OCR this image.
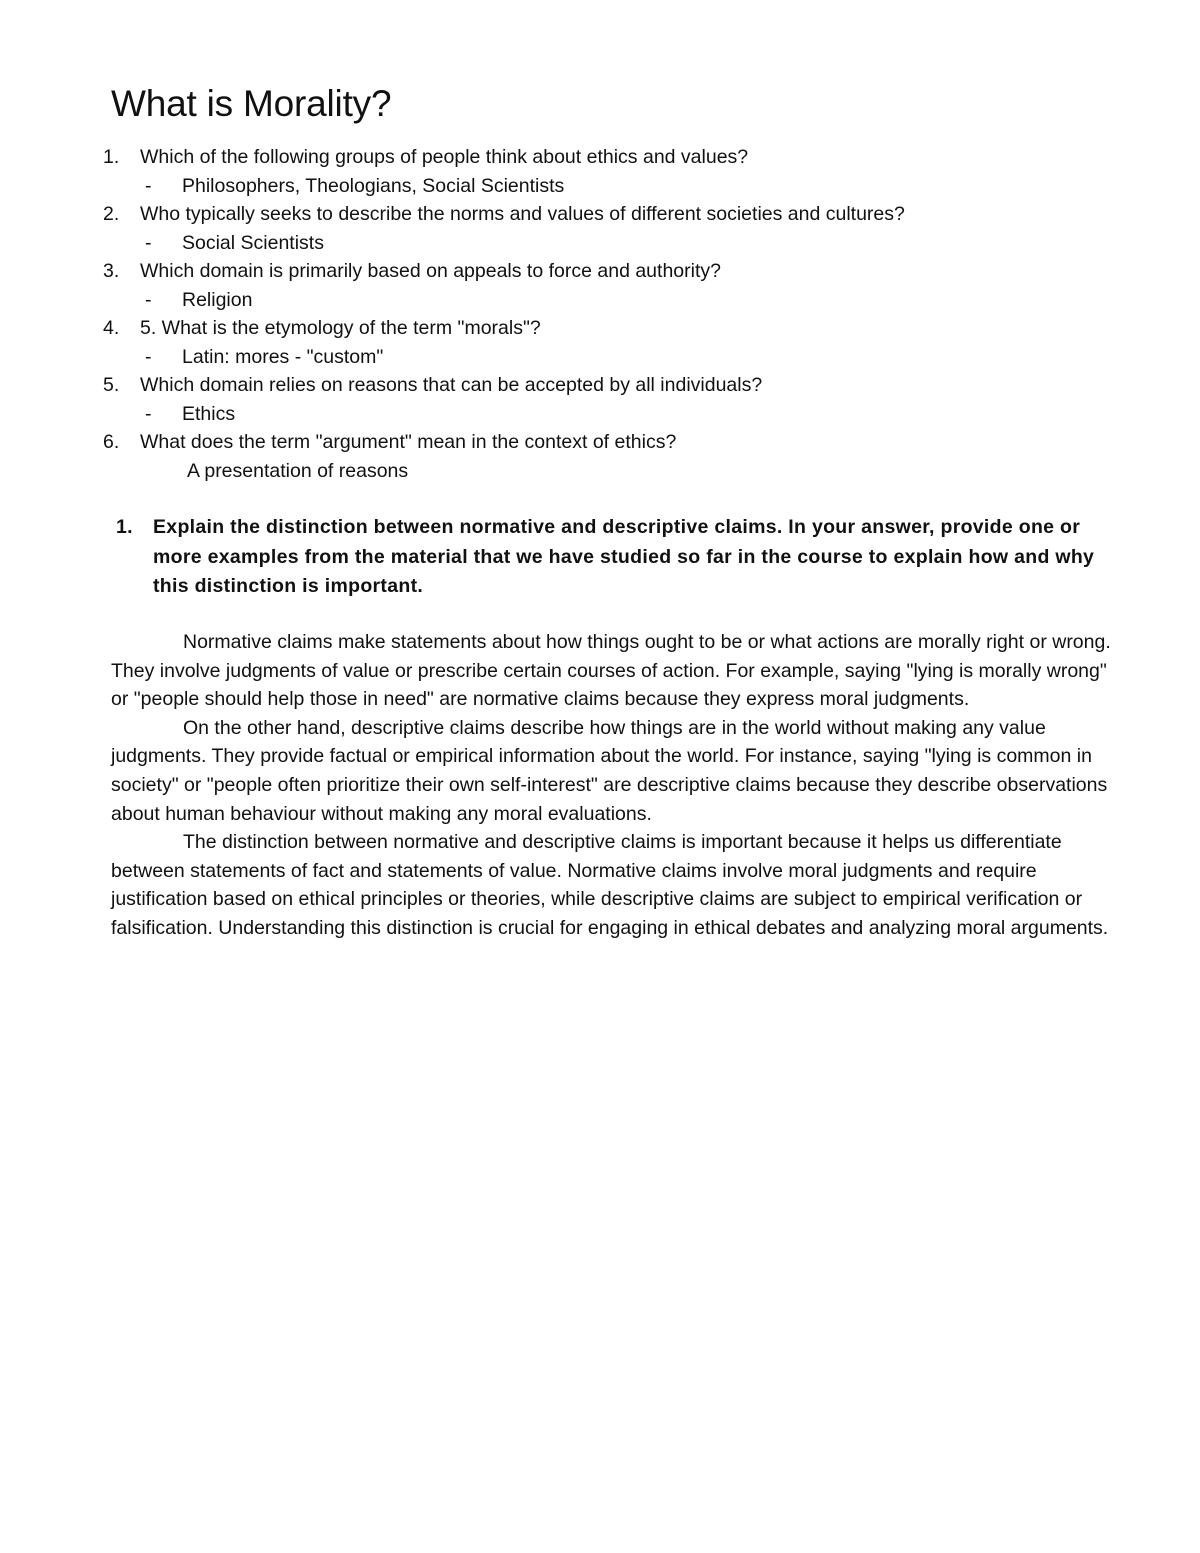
What is Morality?
1. Which of the following groups of people think about ethics and values?
- Philosophers, Theologians, Social Scientists
2. Who typically seeks to describe the norms and values of different societies and cultures?
- Social Scientists
3. Which domain is primarily based on appeals to force and authority?
- Religion
4. 5. What is the etymology of the term "morals"?
- Latin: mores - "custom"
5. Which domain relies on reasons that can be accepted by all individuals?
- Ethics
6. What does the term "argument" mean in the context of ethics?
A presentation of reasons
1. Explain the distinction between normative and descriptive claims. In your answer, provide one or more examples from the material that we have studied so far in the course to explain how and why this distinction is important.

Normative claims make statements about how things ought to be or what actions are morally right or wrong. They involve judgments of value or prescribe certain courses of action. For example, saying "lying is morally wrong" or "people should help those in need" are normative claims because they express moral judgments.

On the other hand, descriptive claims describe how things are in the world without making any value judgments. They provide factual or empirical information about the world. For instance, saying "lying is common in society" or "people often prioritize their own self-interest" are descriptive claims because they describe observations about human behaviour without making any moral evaluations.

The distinction between normative and descriptive claims is important because it helps us differentiate between statements of fact and statements of value. Normative claims involve moral judgments and require justification based on ethical principles or theories, while descriptive claims are subject to empirical verification or falsification. Understanding this distinction is crucial for engaging in ethical debates and analyzing moral arguments.
